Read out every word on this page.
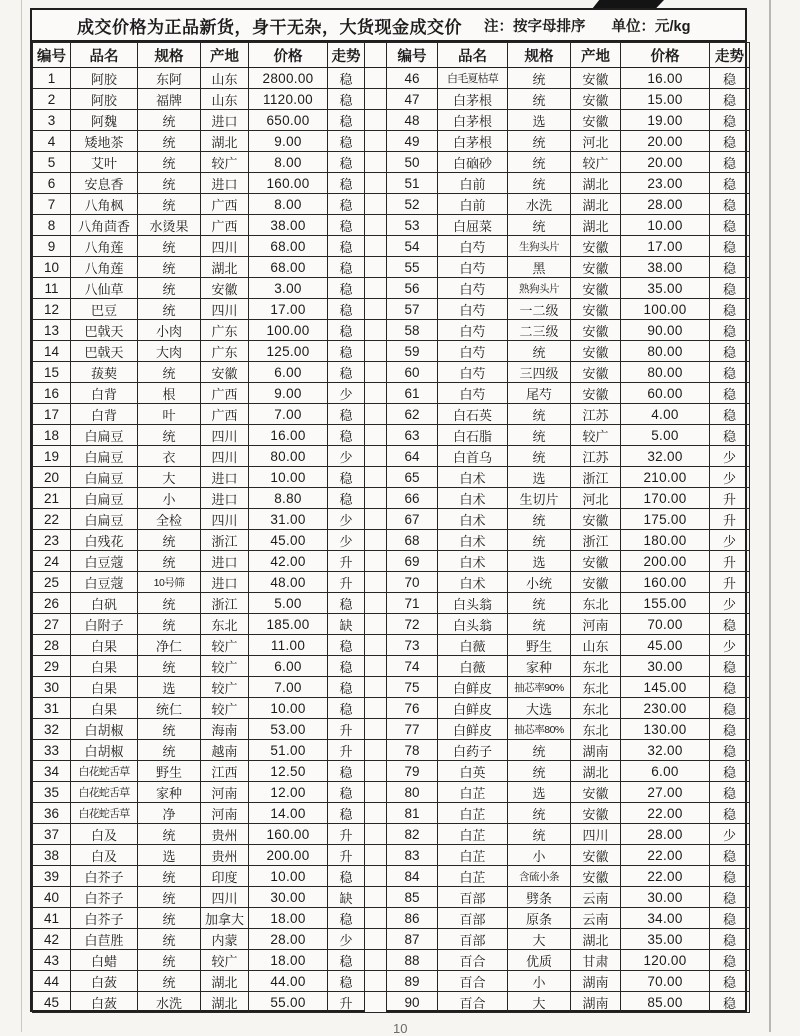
成交价格为正品新货，身干无杂，大货现金成交价 注：按字母排序 单位：元/kg
编号	品名	规格	产地	价格	走势		编号	品名	规格	产地	价格	走势
1	阿胶	东阿	山东	2800.00	稳		46	白毛夏枯草	统	安徽	16.00	稳
2	阿胶	福牌	山东	1120.00	稳		47	白茅根	统	安徽	15.00	稳
3	阿魏	统	进口	650.00	稳		48	白茅根	选	安徽	19.00	稳
4	矮地茶	统	湖北	9.00	稳		49	白茅根	统	河北	20.00	稳
5	艾叶	统	较广	8.00	稳		50	白硇砂	统	较广	20.00	稳
6	安息香	统	进口	160.00	稳		51	白前	统	湖北	23.00	稳
7	八角枫	统	广西	8.00	稳		52	白前	水洗	湖北	28.00	稳
8	八角茴香	水烫果	广西	38.00	稳		53	白屈菜	统	湖北	10.00	稳
9	八角莲	统	四川	68.00	稳		54	白芍	生狗头片	安徽	17.00	稳
10	八角莲	统	湖北	68.00	稳		55	白芍	黑	安徽	38.00	稳
11	八仙草	统	安徽	3.00	稳		56	白芍	熟狗头片	安徽	35.00	稳
12	巴豆	统	四川	17.00	稳		57	白芍	一二级	安徽	100.00	稳
13	巴戟天	小肉	广东	100.00	稳		58	白芍	二三级	安徽	90.00	稳
14	巴戟天	大肉	广东	125.00	稳		59	白芍	统	安徽	80.00	稳
15	菝葜	统	安徽	6.00	稳		60	白芍	三四级	安徽	80.00	稳
16	白背	根	广西	9.00	少		61	白芍	尾芍	安徽	60.00	稳
17	白背	叶	广西	7.00	稳		62	白石英	统	江苏	4.00	稳
18	白扁豆	统	四川	16.00	稳		63	白石脂	统	较广	5.00	稳
19	白扁豆	衣	四川	80.00	少		64	白首乌	统	江苏	32.00	少
20	白扁豆	大	进口	10.00	稳		65	白术	选	浙江	210.00	少
21	白扁豆	小	进口	8.80	稳		66	白术	生切片	河北	170.00	升
22	白扁豆	全检	四川	31.00	少		67	白术	统	安徽	175.00	升
23	白残花	统	浙江	45.00	少		68	白术	统	浙江	180.00	少
24	白豆蔻	统	进口	42.00	升		69	白术	选	安徽	200.00	升
25	白豆蔻	10号筛	进口	48.00	升		70	白术	小统	安徽	160.00	升
26	白矾	统	浙江	5.00	稳		71	白头翁	统	东北	155.00	少
27	白附子	统	东北	185.00	缺		72	白头翁	统	河南	70.00	稳
28	白果	净仁	较广	11.00	稳		73	白薇	野生	山东	45.00	少
29	白果	统	较广	6.00	稳		74	白薇	家种	东北	30.00	稳
30	白果	选	较广	7.00	稳		75	白鲜皮	抽芯率90%	东北	145.00	稳
31	白果	统仁	较广	10.00	稳		76	白鲜皮	大选	东北	230.00	稳
32	白胡椒	统	海南	53.00	升		77	白鲜皮	抽芯率80%	东北	130.00	稳
33	白胡椒	统	越南	51.00	升		78	白药子	统	湖南	32.00	稳
34	白花蛇舌草	野生	江西	12.50	稳		79	白英	统	湖北	6.00	稳
35	白花蛇舌草	家种	河南	12.00	稳		80	白芷	选	安徽	27.00	稳
36	白花蛇舌草	净	河南	14.00	稳		81	白芷	统	安徽	22.00	稳
37	白及	统	贵州	160.00	升		82	白芷	统	四川	28.00	少
38	白及	选	贵州	200.00	升		83	白芷	小	安徽	22.00	稳
39	白芥子	统	印度	10.00	稳		84	白芷	含硫小条	安徽	22.00	稳
40	白芥子	统	四川	30.00	缺		85	百部	劈条	云南	30.00	稳
41	白芥子	统	加拿大	18.00	稳		86	百部	原条	云南	34.00	稳
42	白苣胜	统	内蒙	28.00	少		87	百部	大	湖北	35.00	稳
43	白蜡	统	较广	18.00	稳		88	百合	优质	甘肃	120.00	稳
44	白蔹	统	湖北	44.00	稳		89	百合	小	湖南	70.00	稳
45	白蔹	水洗	湖北	55.00	升		90	百合	大	湖南	85.00	稳
10
